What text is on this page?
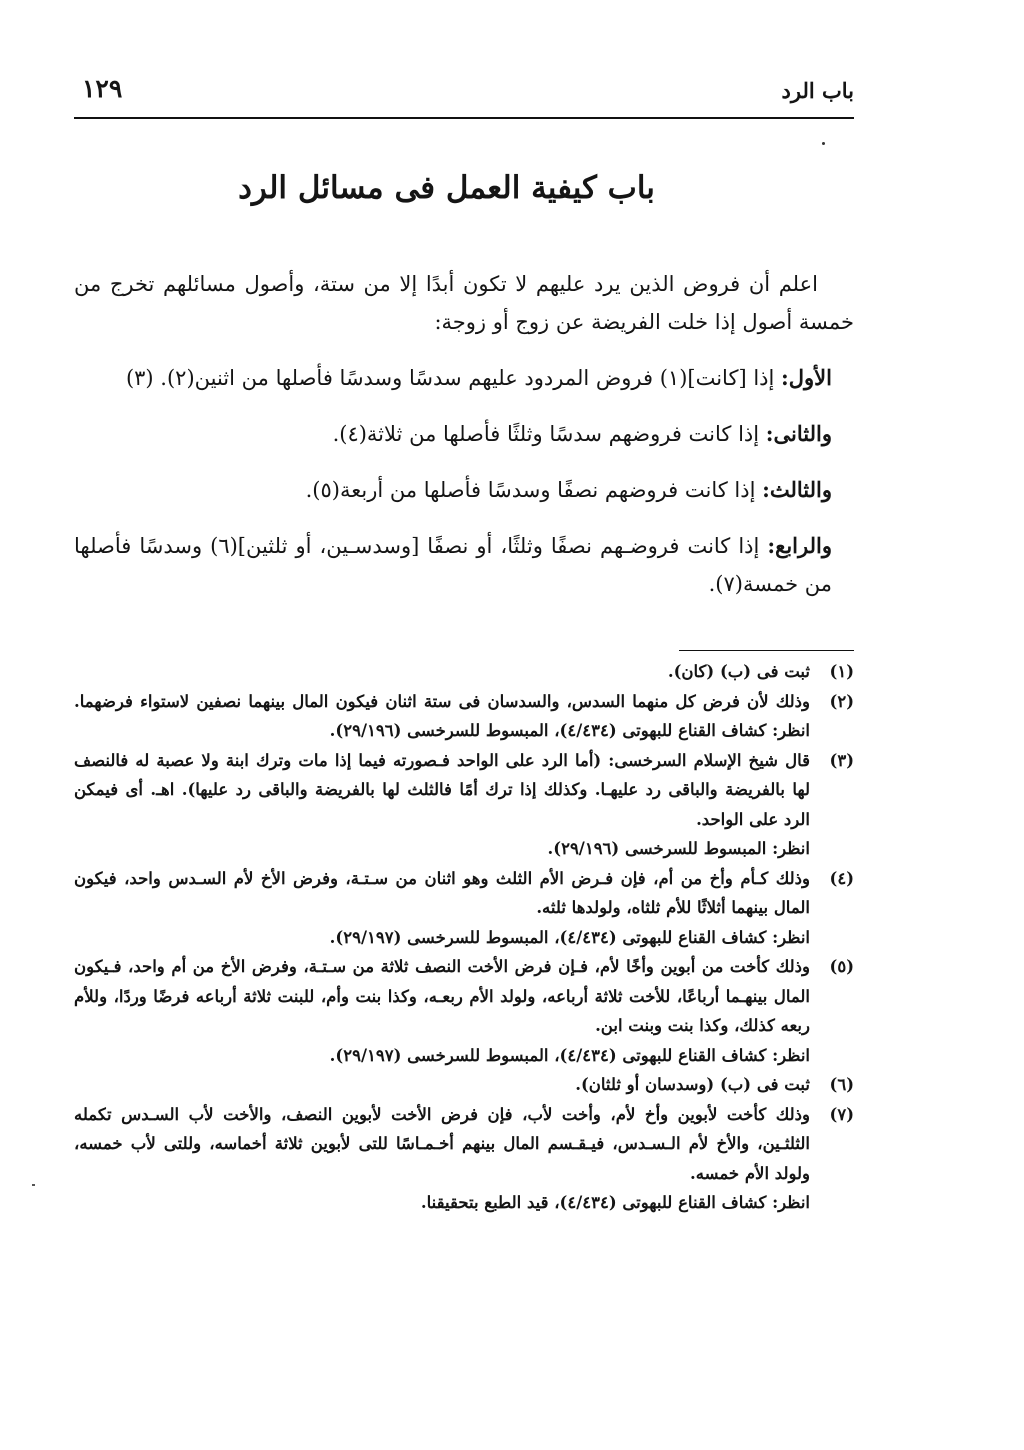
باب الرد
١٢٩
باب كيفية العمل فى مسائل الرد

اعلم أن فروض الذين يرد عليهم لا تكون أبدًا إلا من ستة، وأصول مسائلهم تخرج من خمسة أصول إذا خلت الفريضة عن زوج أو زوجة:

الأول: إذا [كانت](١) فروض المردود عليهم سدسًا وسدسًا فأصلها من اثنين(٢). (٣)

والثانى: إذا كانت فروضهم سدسًا وثلثًا فأصلها من ثلاثة(٤).

والثالث: إذا كانت فروضهم نصفًا وسدسًا فأصلها من أربعة(٥).

والرابع: إذا كانت فروضـهم نصفًا وثلثًا، أو نصفًا [وسدسـين، أو ثلثين](٦) وسدسًا فأصلها من خمسة(٧).

(١)
ثبت فى (ب) (كان).
(٢)
وذلك لأن فرض كل منهما السدس، والسدسان فى ستة اثنان فيكون المال بينهما نصفين لاستواء فرضهما. انظر: كشاف القناع للبهوتى (٤/٤٣٤)، المبسوط للسرخسى (٢٩/١٩٦).
(٣)
قال شيخ الإسلام السرخسى: (أما الرد على الواحد فـصورته فيما إذا مات وترك ابنة ولا عصبة له فالنصف لها بالفريضة والباقى رد عليهـا. وكذلك إذا ترك أمًا فالثلث لها بالفريضة والباقى رد عليها). اهـ. أى فيمكن الرد على الواحد.
انظر: المبسوط للسرخسى (٢٩/١٩٦).
(٤)
وذلك كـأم وأخ من أم، فإن فـرض الأم الثلث وهو اثنان من سـتـة، وفرض الأخ لأم السـدس واحد، فيكون المال بينهما أثلاثًا للأم ثلثاه، ولولدها ثلثه.
انظر: كشاف القناع للبهوتى (٤/٤٣٤)، المبسوط للسرخسى (٢٩/١٩٧).
(٥)
وذلك كأخت من أبوين وأخًا لأم، فـإن فرض الأخت النصف ثلاثة من سـتـة، وفرض الأخ من أم واحد، فـيكون المال بينهـما أرباعًا، للأخت ثلاثة أرباعه، ولولد الأم ربعـه، وكذا بنت وأم، للبنت ثلاثة أرباعه فرضًا وردًا، وللأم ربعه كذلك، وكذا بنت وبنت ابن.
انظر: كشاف القناع للبهوتى (٤/٤٣٤)، المبسوط للسرخسى (٢٩/١٩٧).
(٦)
ثبت فى (ب) (وسدسان أو ثلثان).
(٧)
وذلك كأخت لأبوين وأخ لأم، وأخت لأب، فإن فرض الأخت لأبوين النصف، والأخت لأب السـدس تكمله الثلثـين، والأخ لأم الـسـدس، فيـقـسم المال بينهم أخـمـاسًا للتى لأبوين ثلاثة أخماسه، وللتى لأب خمسه، ولولد الأم خمسه.
انظر: كشاف القناع للبهوتى (٤/٤٣٤)، قيد الطبع بتحقيقنا.
